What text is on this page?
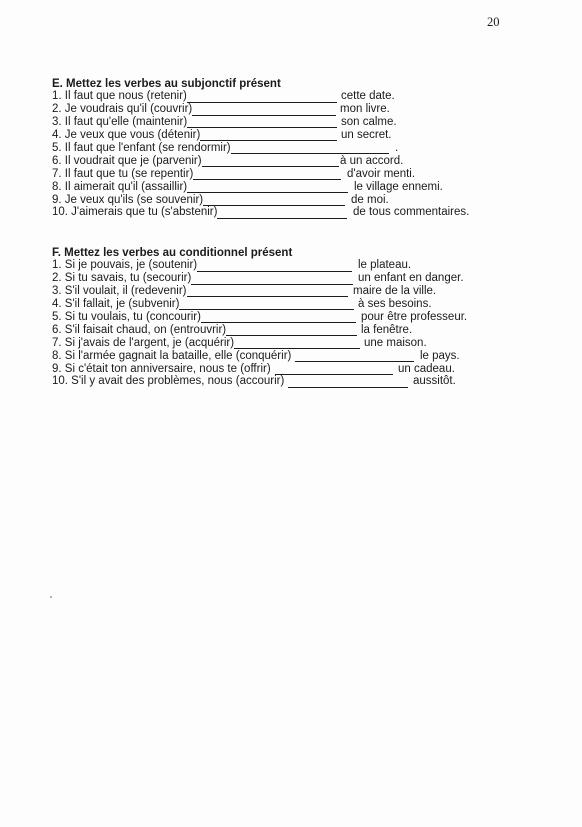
20
E. Mettez les verbes au subjonctif présent
1. Il faut que nous (retenir)	cette date.
2. Je voudrais qu'il (couvrir)	mon livre.
3. Il faut qu'elle (maintenir)	son calme.
4. Je veux que vous (détenir)	un secret.
5. Il faut que l'enfant (se rendormir)	.
6. Il voudrait que je (parvenir)	à un accord.
7. Il faut que tu (se repentir)	d'avoir menti.
8. Il aimerait qu'il (assaillir)	le village ennemi.
9. Je veux qu'ils (se souvenir)	de moi.
10. J'aimerais que tu (s'abstenir)	de tous commentaires.
F. Mettez les verbes au conditionnel présent
1. Si je pouvais, je (soutenir)	le plateau.
2. Si tu savais, tu (secourir)	un enfant en danger.
3. S'il voulait, il (redevenir)	maire de la ville.
4. S'il fallait, je (subvenir)	à ses besoins.
5. Si tu voulais, tu (concourir)	pour être professeur.
6. S'il faisait chaud, on (entrouvrir)	la fenêtre.
7. Si j'avais de l'argent, je (acquérir)	une maison.
8. Si l'armée gagnait la bataille, elle (conquérir)	le pays.
9. Si c'était ton anniversaire, nous te (offrir)	un cadeau.
10. S'il y avait des problèmes, nous (accourir)	aussitôt.
